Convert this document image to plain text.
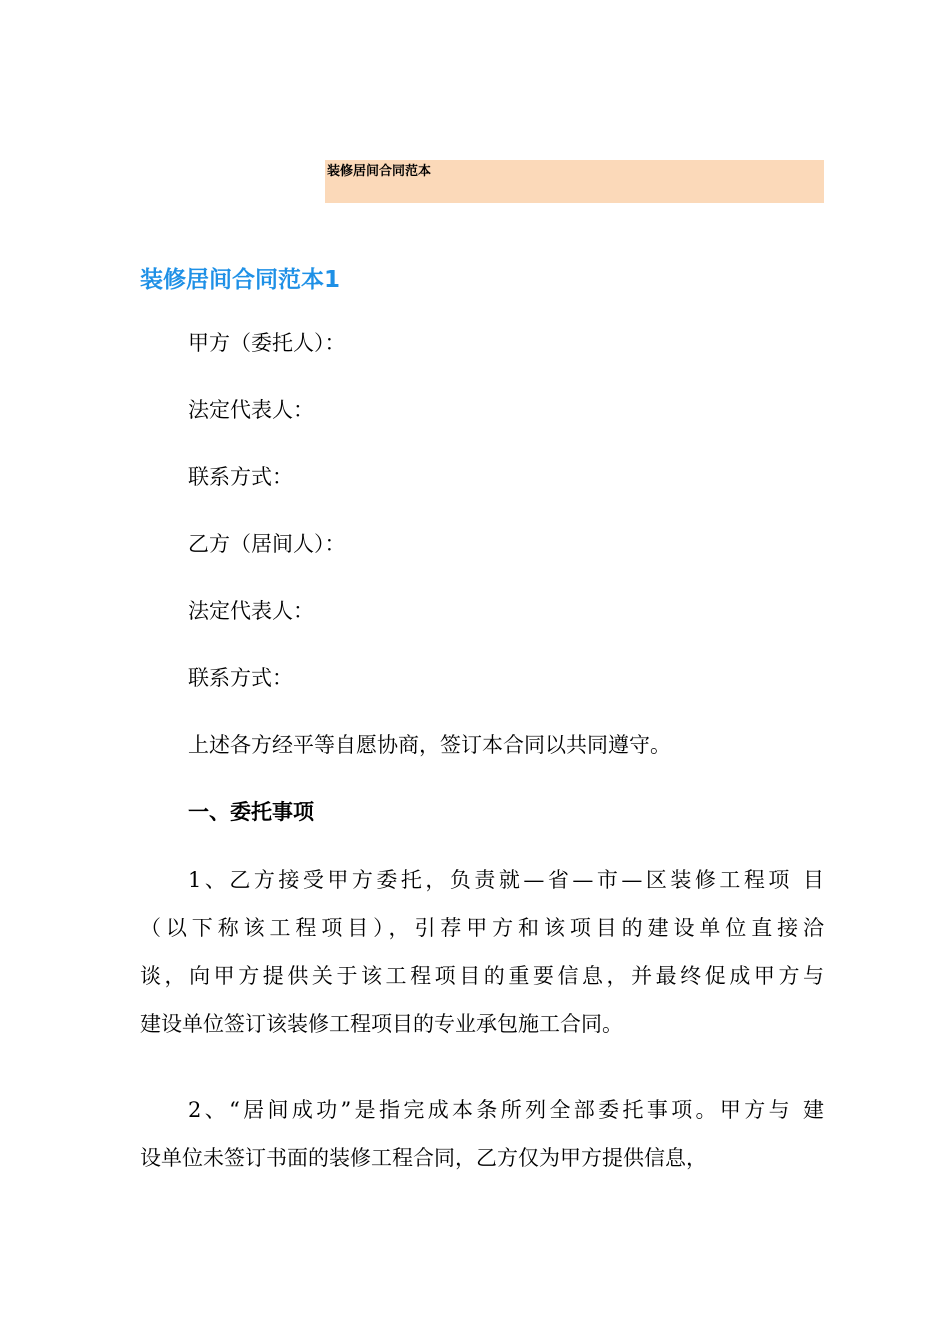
装修居间合同范本
装修居间合同范本1
甲方（委托人）：
法定代表人：
联系方式：
乙方（居间人）：
法定代表人：
联系方式：
上述各方经平等自愿协商，签订本合同以共同遵守。
一、委托事项
1、乙方接受甲方委托，负责就—省—市—区装修工程项 目
（以下称该工程项目），引荐甲方和该项目的建设单位直接洽
谈，向甲方提供关于该工程项目的重要信息，并最终促成甲方与
建设单位签订该装修工程项目的专业承包施工合同。
2、“居间成功”是指完成本条所列全部委托事项。甲方与 建
设单位未签订书面的装修工程合同，乙方仅为甲方提供信息，
